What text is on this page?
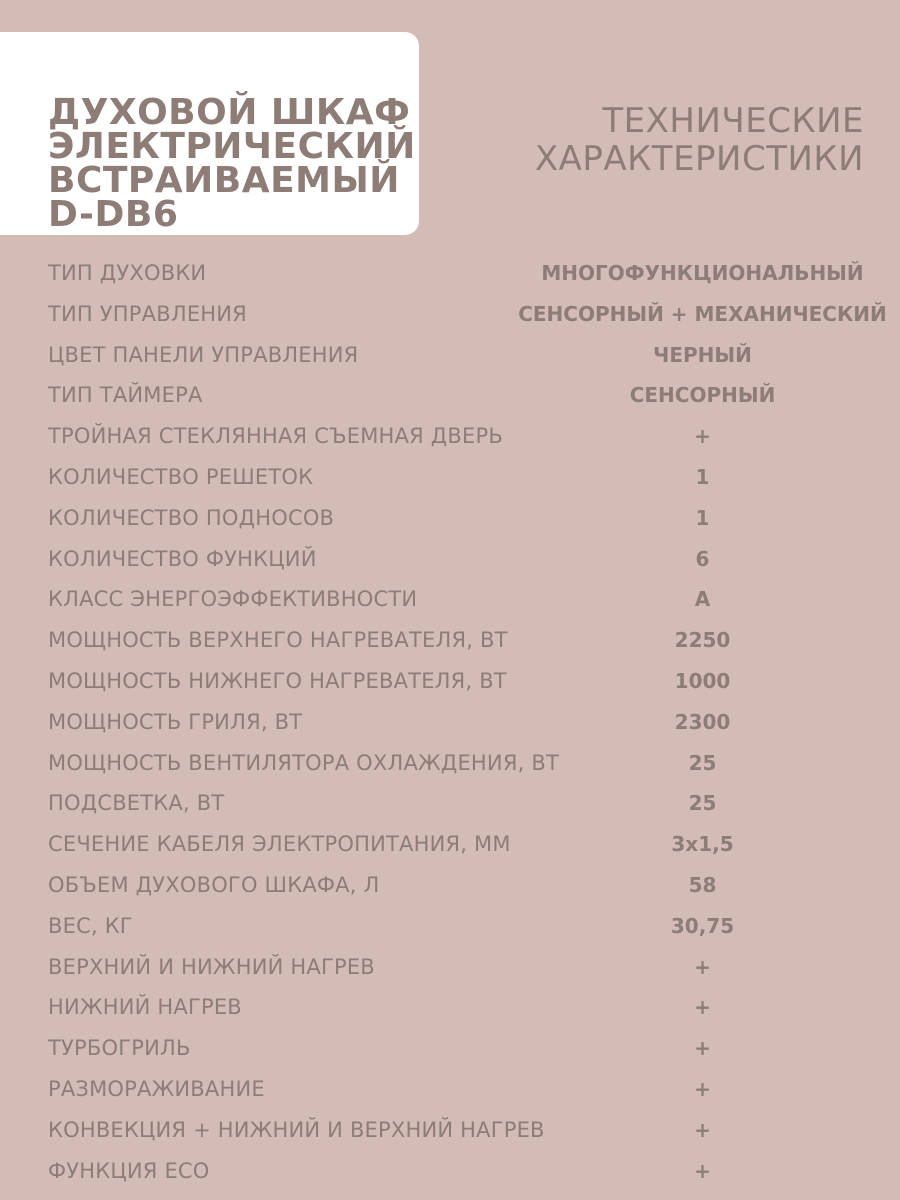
ДУХОВОЙ ШКАФ
ЭЛЕКТРИЧЕСКИЙ
ВСТРАИВАЕМЫЙ
D-DB6
ТЕХНИЧЕСКИЕ
ХАРАКТЕРИСТИКИ
ТИП ДУХОВКИ	МНОГОФУНКЦИОНАЛЬНЫЙ
ТИП УПРАВЛЕНИЯ	СЕНСОРНЫЙ + МЕХАНИЧЕСКИЙ
ЦВЕТ ПАНЕЛИ УПРАВЛЕНИЯ	ЧЕРНЫЙ
ТИП ТАЙМЕРА	СЕНСОРНЫЙ
ТРОЙНАЯ СТЕКЛЯННАЯ СЪЕМНАЯ ДВЕРЬ	+
КОЛИЧЕСТВО РЕШЕТОК	1
КОЛИЧЕСТВО ПОДНОСОВ	1
КОЛИЧЕСТВО ФУНКЦИЙ	6
КЛАСС ЭНЕРГОЭФФЕКТИВНОСТИ	A
МОЩНОСТЬ ВЕРХНЕГО НАГРЕВАТЕЛЯ, ВТ	2250
МОЩНОСТЬ НИЖНЕГО НАГРЕВАТЕЛЯ, ВТ	1000
МОЩНОСТЬ ГРИЛЯ, ВТ	2300
МОЩНОСТЬ ВЕНТИЛЯТОРА ОХЛАЖДЕНИЯ, ВТ	25
ПОДСВЕТКА, ВТ	25
СЕЧЕНИЕ КАБЕЛЯ ЭЛЕКТРОПИТАНИЯ, ММ	3х1,5
ОБЪЕМ ДУХОВОГО ШКАФА, Л	58
ВЕС, КГ	30,75
ВЕРХНИЙ И НИЖНИЙ НАГРЕВ	+
НИЖНИЙ НАГРЕВ	+
ТУРБОГРИЛЬ	+
РАЗМОРАЖИВАНИЕ	+
КОНВЕКЦИЯ + НИЖНИЙ И ВЕРХНИЙ НАГРЕВ	+
ФУНКЦИЯ ECO	+
